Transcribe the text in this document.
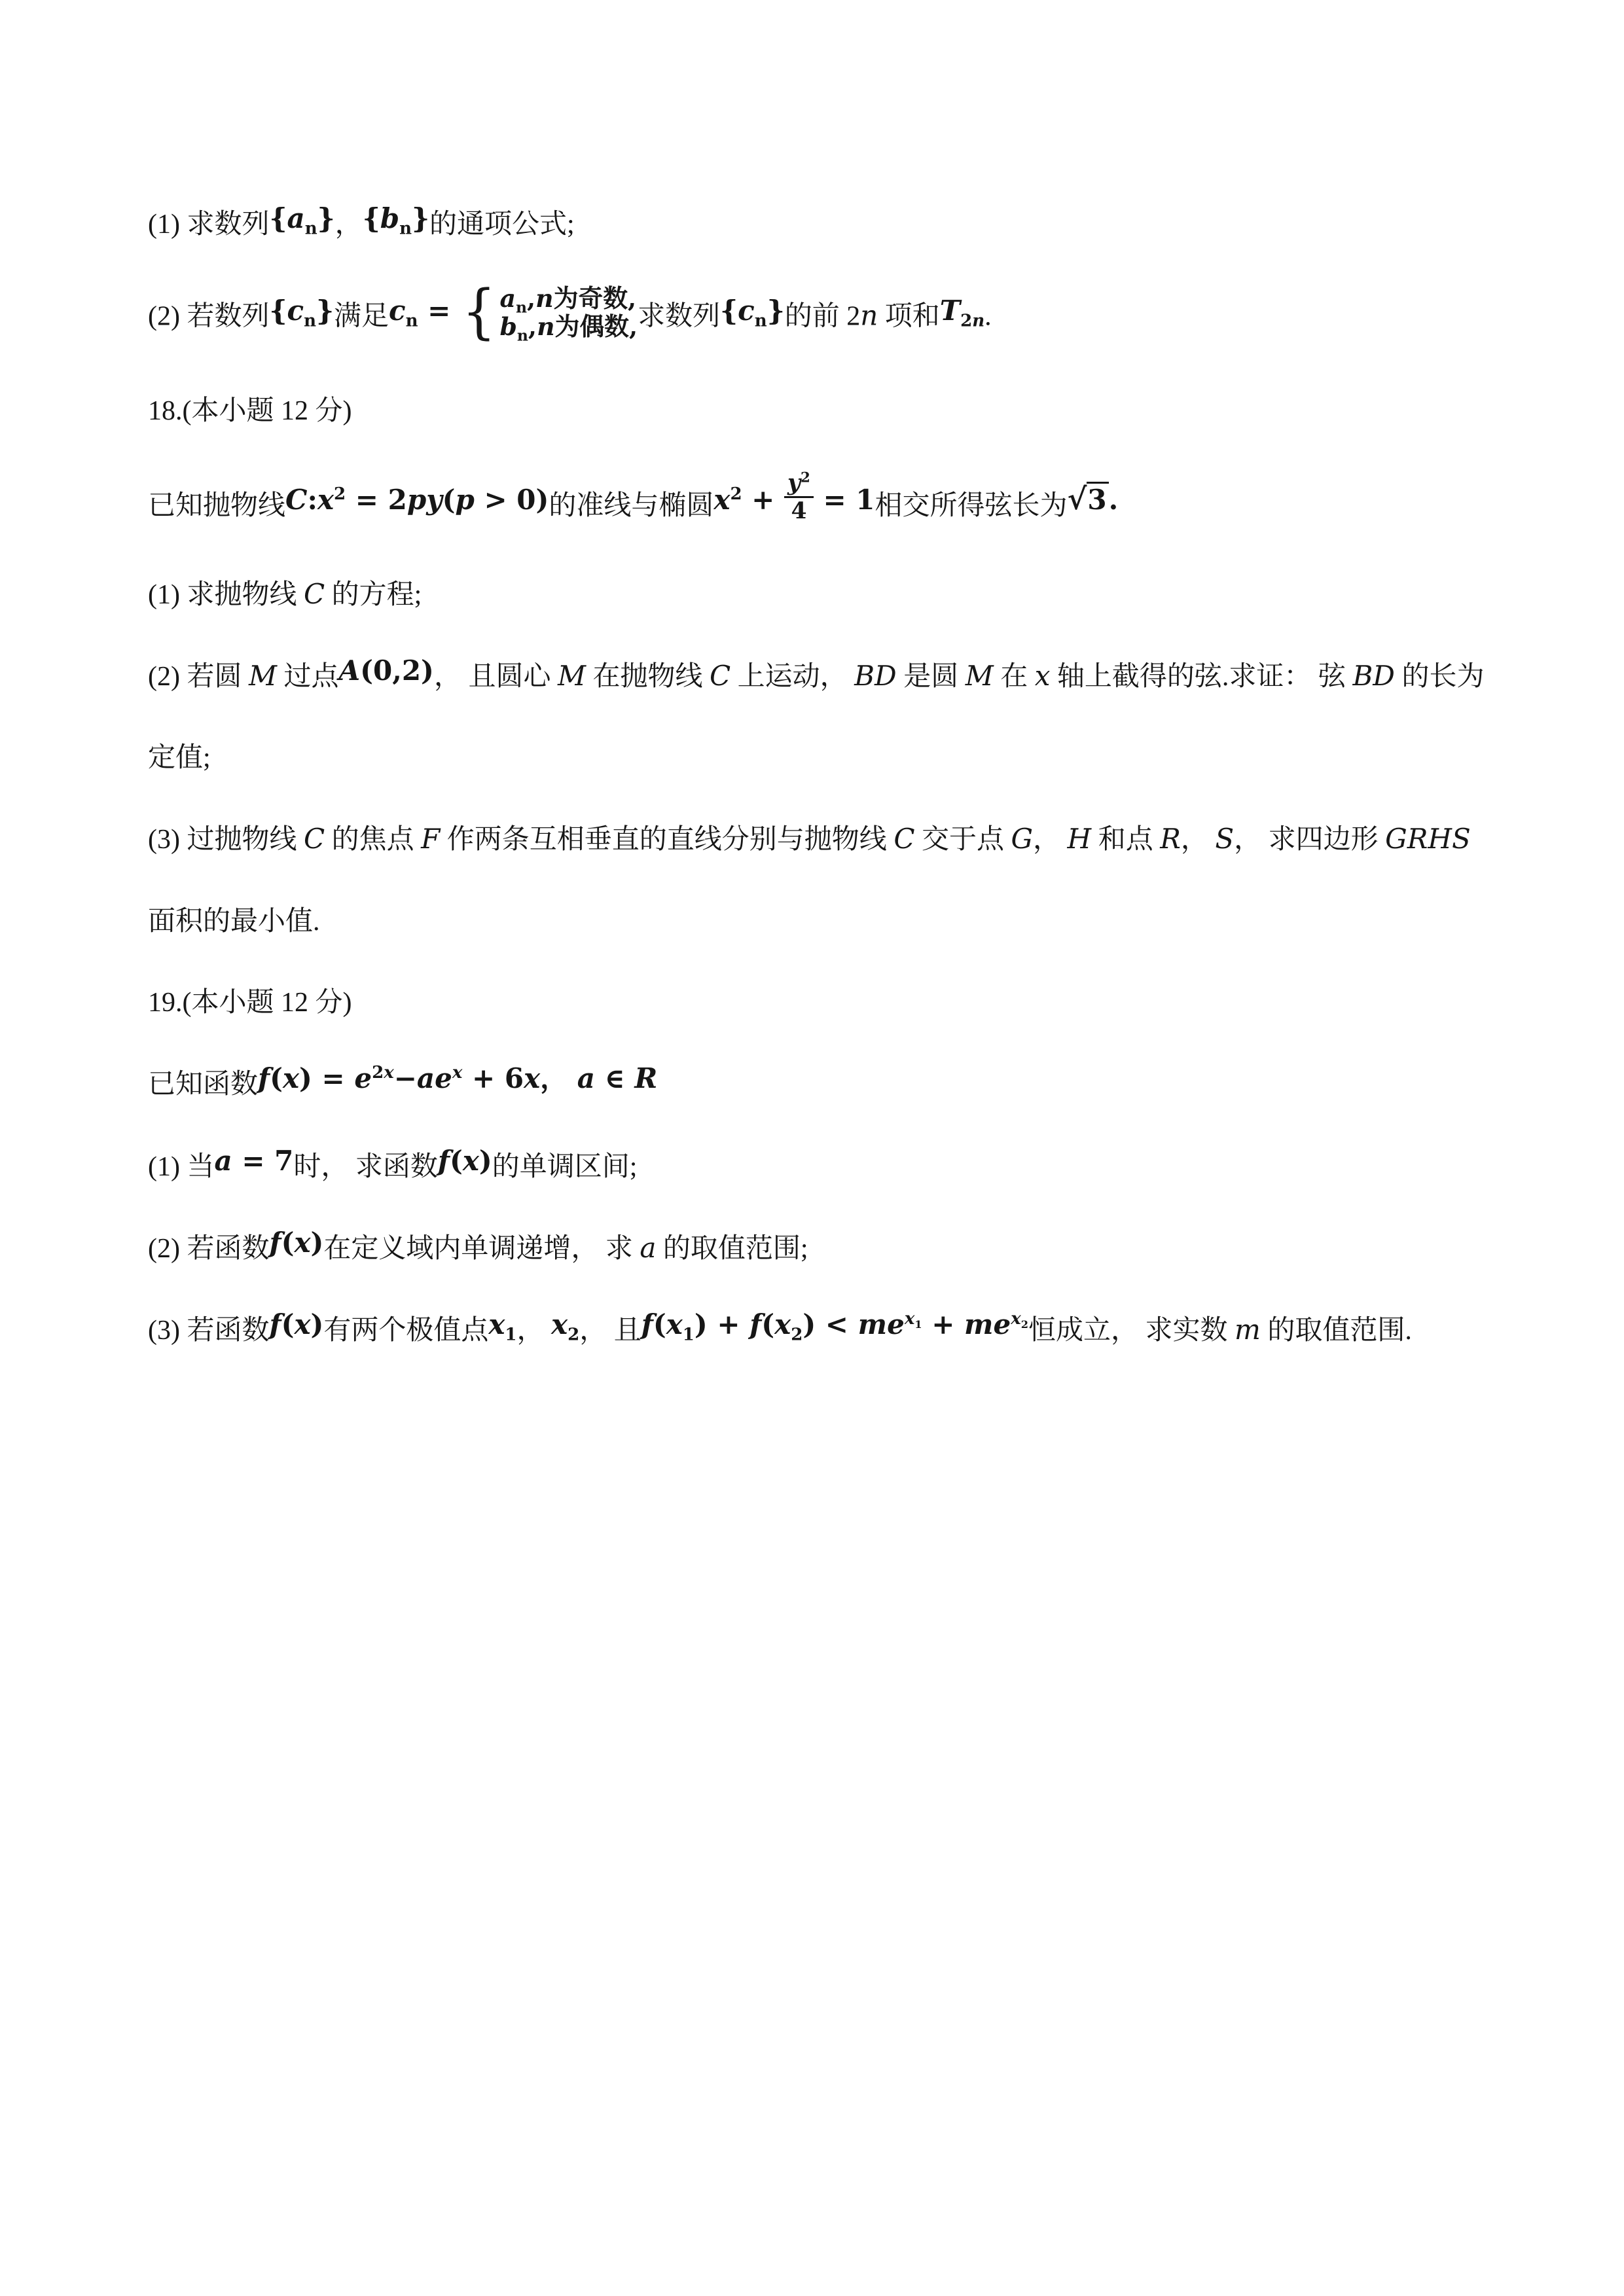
(1) 求数列$\{a_n\}$，$\{b_n\}$的通项公式;
(2) 若数列$\{c_n\}$满足$c_n$ = { $a_n,n$为奇数,
$b_n,n$为偶数, 求数列$\{c_n\}$的前 2n 项和$T_{2n}$.
18.(本小题 12 分)
已知抛物线$C:x^2 = 2py(p > 0)$的准线与椭圆$x^2 + \frac{y^2}{4} = 1$相交所得弦长为√3.
(1) 求抛物线 C 的方程;
(2) 若圆 M 过点A(0,2)， 且圆心 M 在抛物线 C 上运动， BD 是圆 M 在 x 轴上截得的弦.求证： 弦 BD 的长为
定值;
(3) 过抛物线 C 的焦点 F 作两条互相垂直的直线分别与抛物线 C 交于点 G， H 和点 R， S， 求四边形 GRHS
面积的最小值.
19.(本小题 12 分)
已知函数$f(x) = e^{2x}-ae^x + 6x$， a ∈ R
(1) 当a = 7时， 求函数f(x)的单调区间;
(2) 若函数f(x)在定义域内单调递增， 求 a 的取值范围;
(3) 若函数f(x)有两个极值点$x_1$， $x_2$， 且$f(x_1) + f(x_2) < me^{x_1} + me^{x_2}$恒成立， 求实数 m 的取值范围.
